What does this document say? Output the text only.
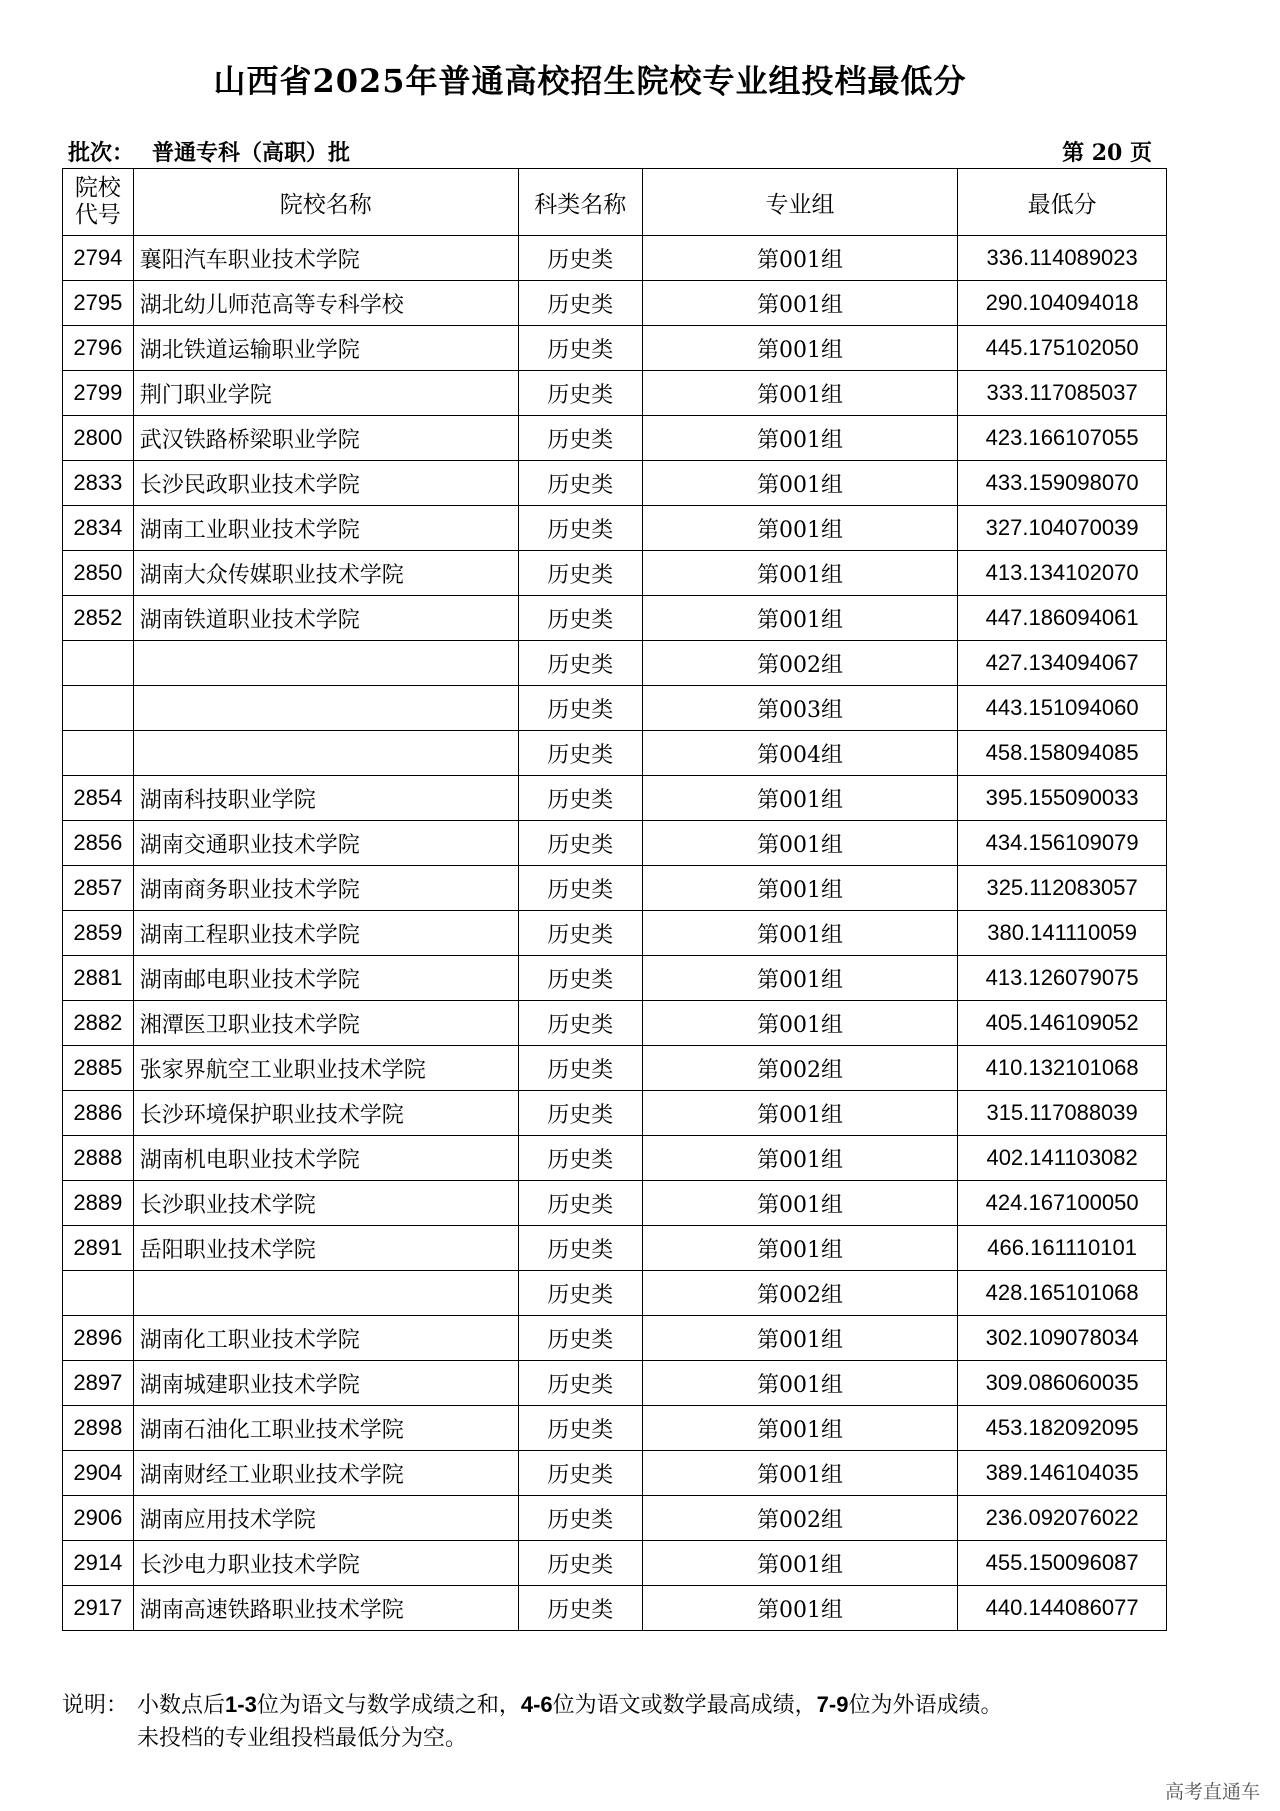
山西省2025年普通高校招生院校专业组投档最低分
批次： 普通专科（高职）批	第 20 页
院校
代号	院校名称	科类名称	专业组	最低分
2794	襄阳汽车职业技术学院	历史类	第001组	336.114089023
2795	湖北幼儿师范高等专科学校	历史类	第001组	290.104094018
2796	湖北铁道运输职业学院	历史类	第001组	445.175102050
2799	荆门职业学院	历史类	第001组	333.117085037
2800	武汉铁路桥梁职业学院	历史类	第001组	423.166107055
2833	长沙民政职业技术学院	历史类	第001组	433.159098070
2834	湖南工业职业技术学院	历史类	第001组	327.104070039
2850	湖南大众传媒职业技术学院	历史类	第001组	413.134102070
2852	湖南铁道职业技术学院	历史类	第001组	447.186094061
		历史类	第002组	427.134094067
		历史类	第003组	443.151094060
		历史类	第004组	458.158094085
2854	湖南科技职业学院	历史类	第001组	395.155090033
2856	湖南交通职业技术学院	历史类	第001组	434.156109079
2857	湖南商务职业技术学院	历史类	第001组	325.112083057
2859	湖南工程职业技术学院	历史类	第001组	380.141110059
2881	湖南邮电职业技术学院	历史类	第001组	413.126079075
2882	湘潭医卫职业技术学院	历史类	第001组	405.146109052
2885	张家界航空工业职业技术学院	历史类	第002组	410.132101068
2886	长沙环境保护职业技术学院	历史类	第001组	315.117088039
2888	湖南机电职业技术学院	历史类	第001组	402.141103082
2889	长沙职业技术学院	历史类	第001组	424.167100050
2891	岳阳职业技术学院	历史类	第001组	466.161110101
		历史类	第002组	428.165101068
2896	湖南化工职业技术学院	历史类	第001组	302.109078034
2897	湖南城建职业技术学院	历史类	第001组	309.086060035
2898	湖南石油化工职业技术学院	历史类	第001组	453.182092095
2904	湖南财经工业职业技术学院	历史类	第001组	389.146104035
2906	湖南应用技术学院	历史类	第002组	236.092076022
2914	长沙电力职业技术学院	历史类	第001组	455.150096087
2917	湖南高速铁路职业技术学院	历史类	第001组	440.144086077
说明： 小数点后1-3位为语文与数学成绩之和，4-6位为语文或数学最高成绩，7-9位为外语成绩。
未投档的专业组投档最低分为空。
高考直通车
